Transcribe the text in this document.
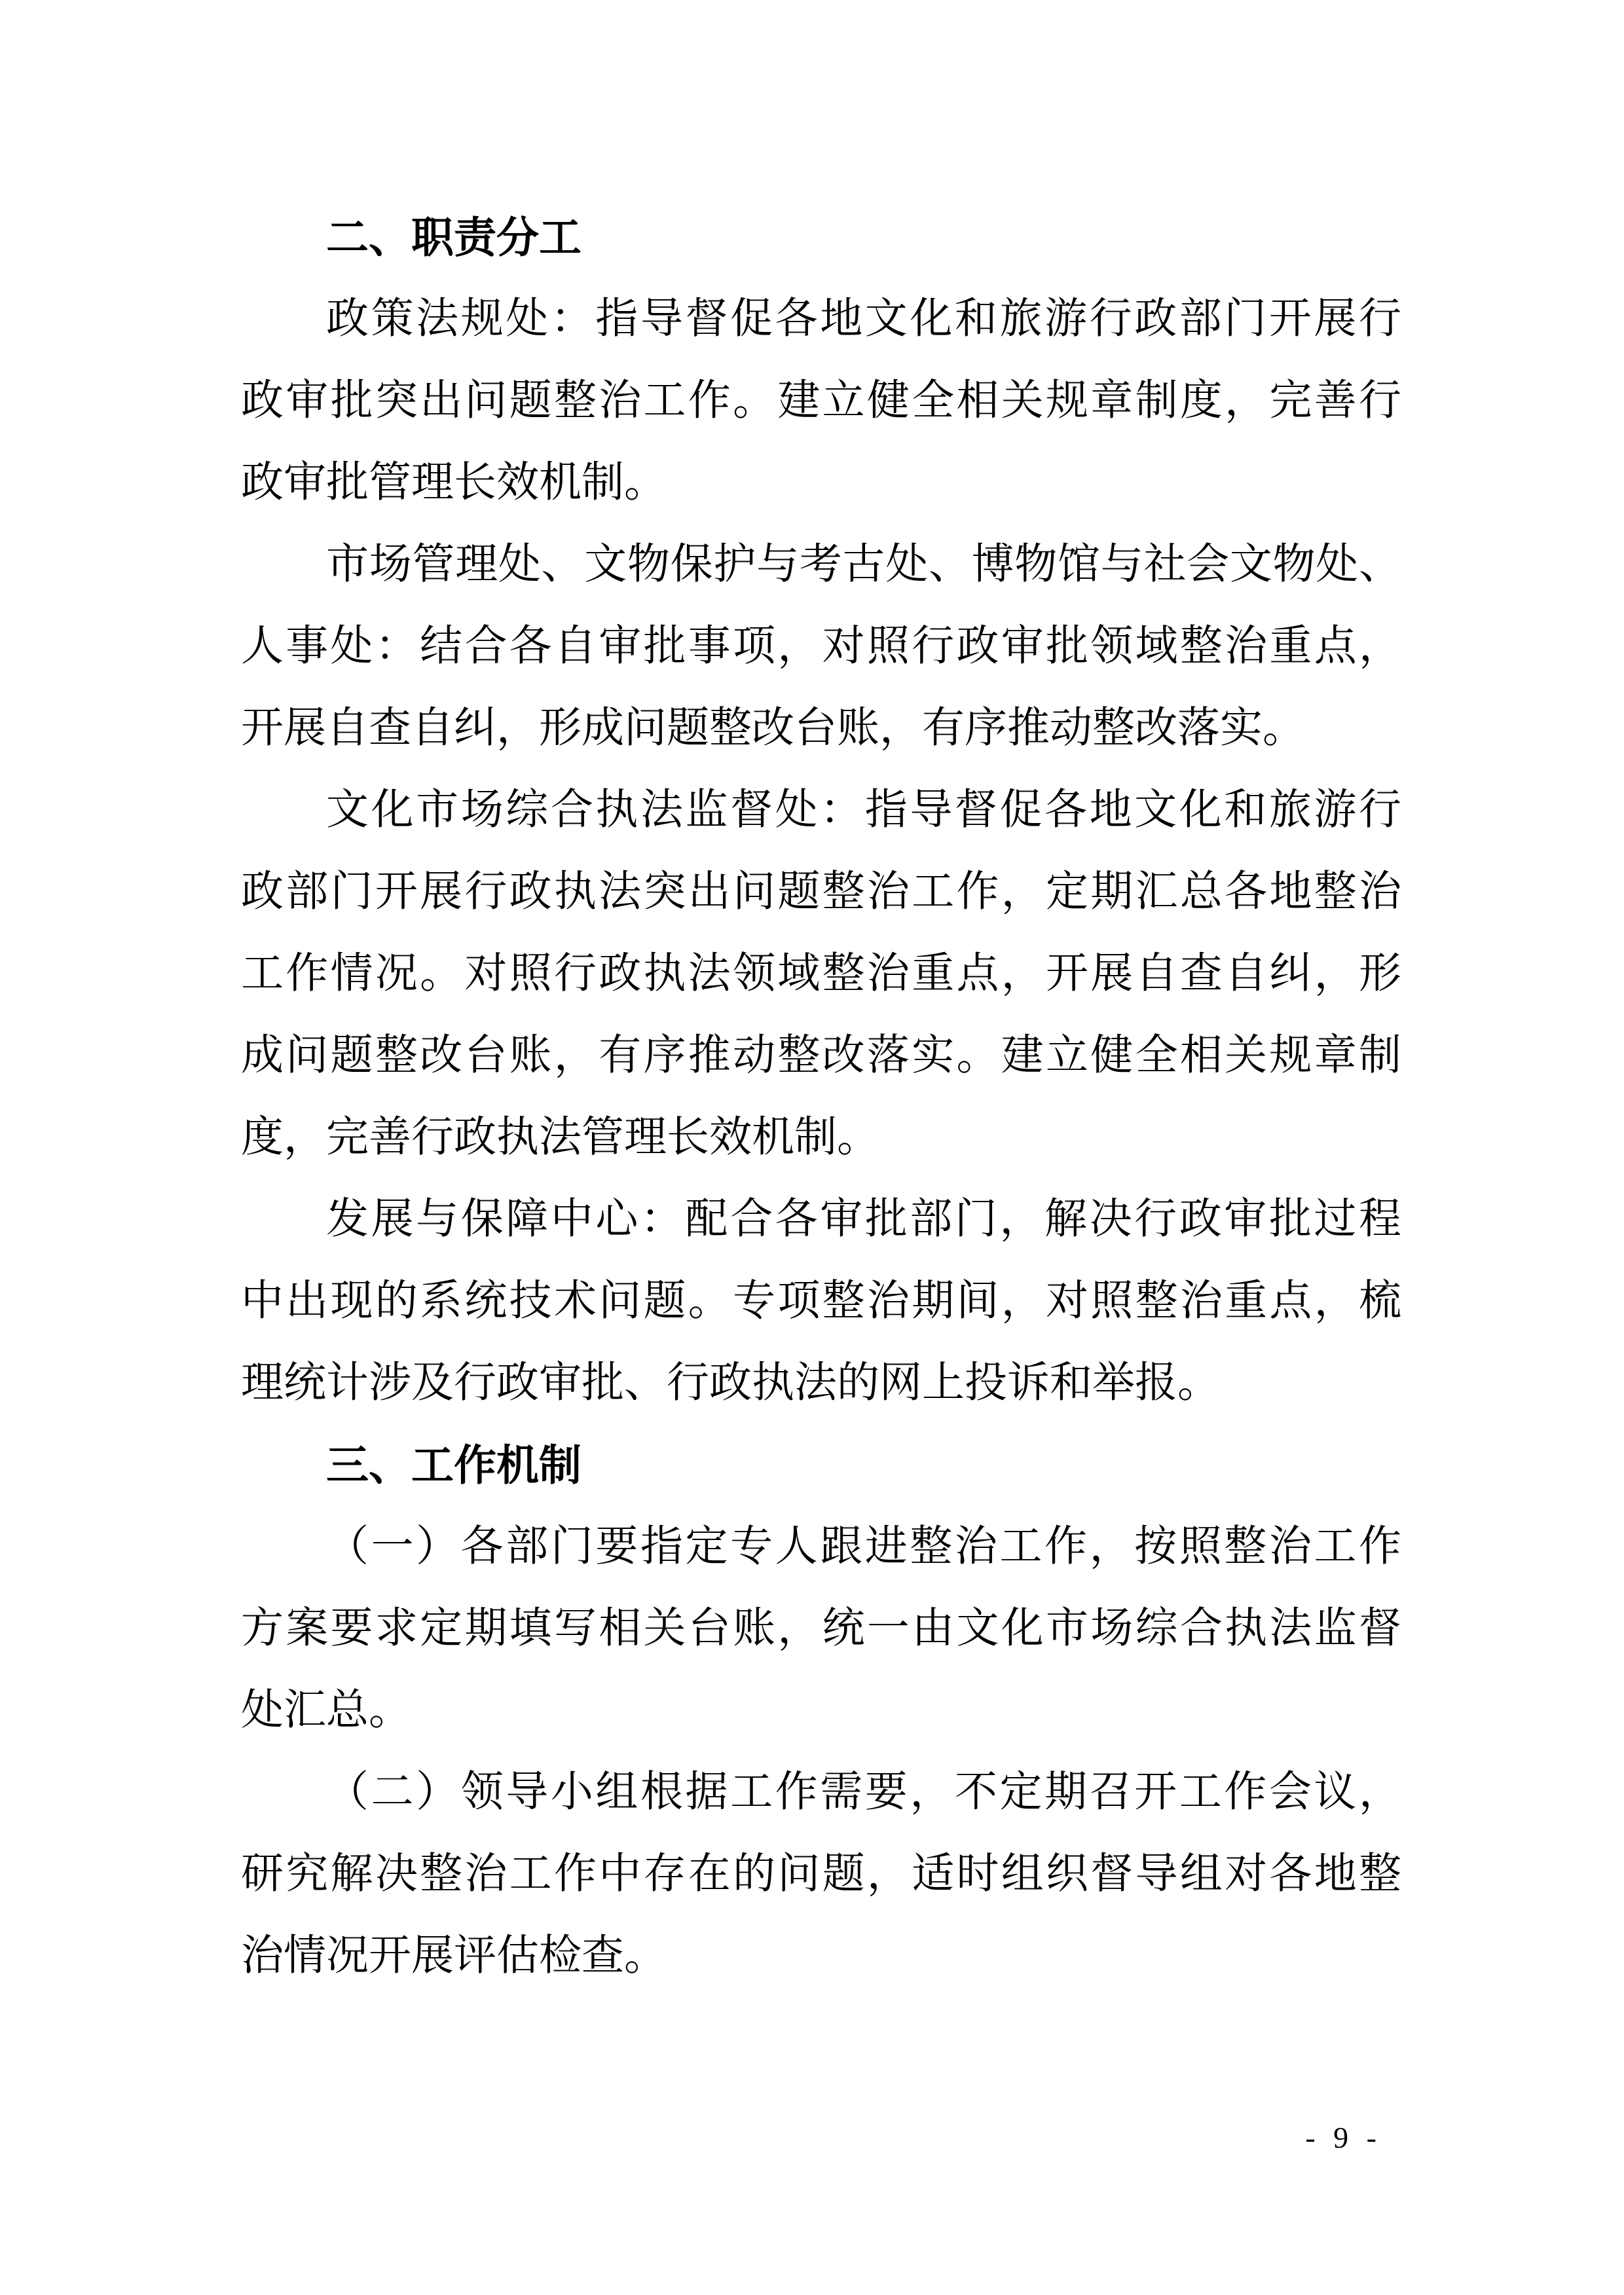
二、职责分工
政策法规处：指导督促各地文化和旅游行政部门开展行
政审批突出问题整治工作。建立健全相关规章制度，完善行
政审批管理长效机制。
市场管理处、文物保护与考古处、博物馆与社会文物处、
人事处：结合各自审批事项，对照行政审批领域整治重点，
开展自查自纠，形成问题整改台账，有序推动整改落实。
文化市场综合执法监督处：指导督促各地文化和旅游行
政部门开展行政执法突出问题整治工作，定期汇总各地整治
工作情况。对照行政执法领域整治重点，开展自查自纠，形
成问题整改台账，有序推动整改落实。建立健全相关规章制
度，完善行政执法管理长效机制。
发展与保障中心：配合各审批部门，解决行政审批过程
中出现的系统技术问题。专项整治期间，对照整治重点，梳
理统计涉及行政审批、行政执法的网上投诉和举报。
三、工作机制
（一）各部门要指定专人跟进整治工作，按照整治工作
方案要求定期填写相关台账，统一由文化市场综合执法监督
处汇总。
（二）领导小组根据工作需要，不定期召开工作会议，
研究解决整治工作中存在的问题，适时组织督导组对各地整
治情况开展评估检查。
- 9 -
